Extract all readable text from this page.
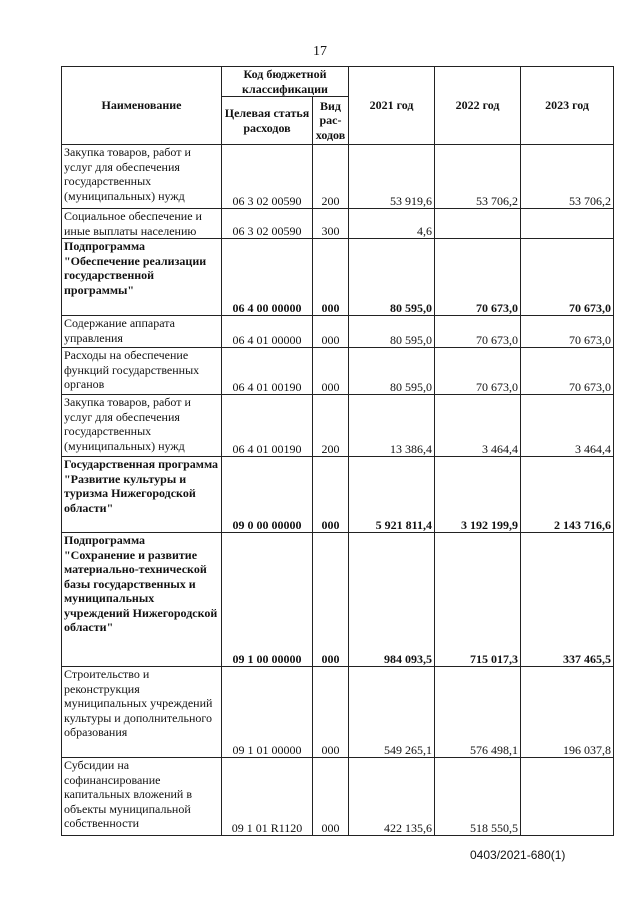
17
Наименование	Код бюджетной классификации		2021 год	2022 год	2023 год
	Целевая статья расходов	Вид рас- ходов			
Закупка товаров, работ и услуг для обеспечения государственных (муниципальных) нужд	06 3 02 00590	200	53 919,6	53 706,2	53 706,2
Социальное обеспечение и иные выплаты населению	06 3 02 00590	300	4,6		
Подпрограмма "Обеспечение реализации государственной программы"	06 4 00 00000	000	80 595,0	70 673,0	70 673,0
Содержание аппарата управления	06 4 01 00000	000	80 595,0	70 673,0	70 673,0
Расходы на обеспечение функций государственных органов	06 4 01 00190	000	80 595,0	70 673,0	70 673,0
Закупка товаров, работ и услуг для обеспечения государственных (муниципальных) нужд	06 4 01 00190	200	13 386,4	3 464,4	3 464,4
Государственная программа "Развитие культуры и туризма Нижегородской области"	09 0 00 00000	000	5 921 811,4	3 192 199,9	2 143 716,6
Подпрограмма "Сохранение и развитие материально-технической базы государственных и муниципальных учреждений Нижегородской области"	09 1 00 00000	000	984 093,5	715 017,3	337 465,5
Строительство и реконструкция муниципальных учреждений культуры и дополнительного образования	09 1 01 00000	000	549 265,1	576 498,1	196 037,8
Субсидии на софинансирование капитальных вложений в объекты муниципальной собственности	09 1 01 R1120	000	422 135,6	518 550,5	
0403/2021-680(1)
